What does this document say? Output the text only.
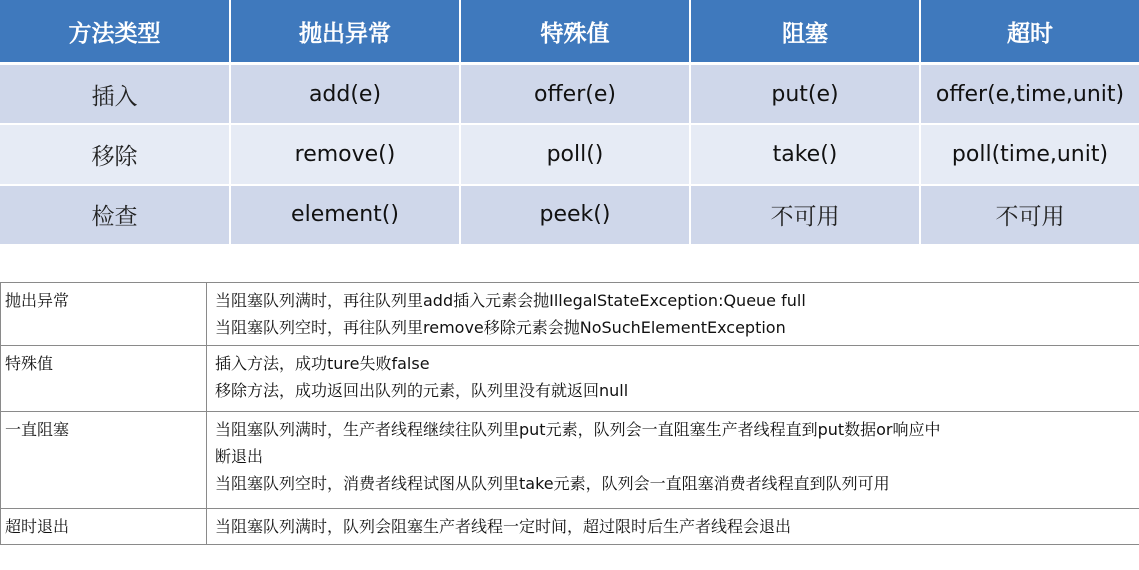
方法类型	抛出异常	特殊值	阻塞	超时
插入	add(e)	offer(e)	put(e)	offer(e,time,unit)
移除	remove()	poll()	take()	poll(time,unit)
检查	element()	peek()	不可用	不可用
抛出异常	当阻塞队列满时，再往队列里add插入元素会抛IllegalStateException:Queue full
当阻塞队列空时，再往队列里remove移除元素会抛NoSuchElementException

特殊值	插入方法，成功ture失败false
移除方法，成功返回出队列的元素，队列里没有就返回null

一直阻塞	当阻塞队列满时，生产者线程继续往队列里put元素，队列会一直阻塞生产者线程直到put数据or响应中
断退出
当阻塞队列空时，消费者线程试图从队列里take元素，队列会一直阻塞消费者线程直到队列可用

超时退出	当阻塞队列满时，队列会阻塞生产者线程一定时间，超过限时后生产者线程会退出
